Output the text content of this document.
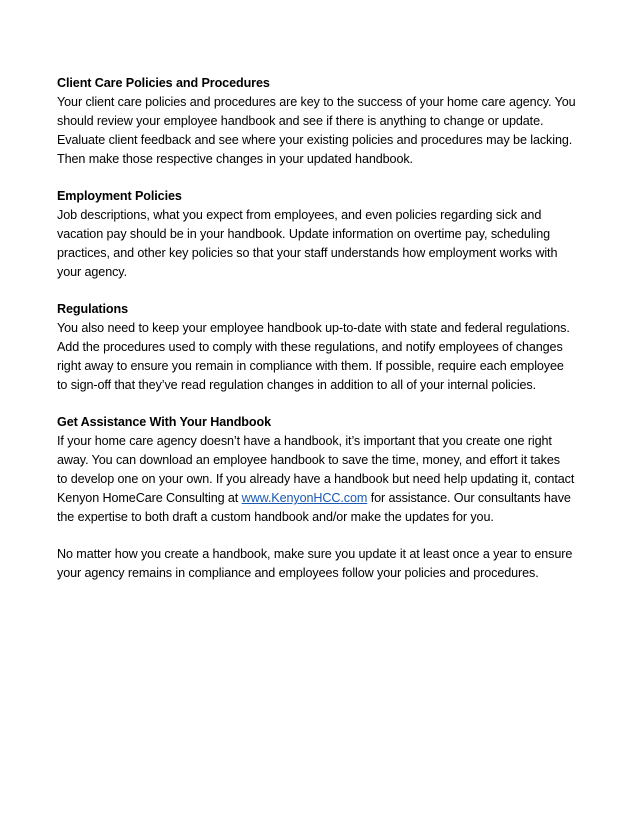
Client Care Policies and Procedures

Your client care policies and procedures are key to the success of your home care agency. You
should review your employee handbook and see if there is anything to change or update.
Evaluate client feedback and see where your existing policies and procedures may be lacking.
Then make those respective changes in your updated handbook.

Employment Policies

Job descriptions, what you expect from employees, and even policies regarding sick and
vacation pay should be in your handbook. Update information on overtime pay, scheduling
practices, and other key policies so that your staff understands how employment works with
your agency.

Regulations

You also need to keep your employee handbook up-to-date with state and federal regulations.
Add the procedures used to comply with these regulations, and notify employees of changes
right away to ensure you remain in compliance with them. If possible, require each employee
to sign-off that they’ve read regulation changes in addition to all of your internal policies.

Get Assistance With Your Handbook

If your home care agency doesn’t have a handbook, it’s important that you create one right
away. You can download an employee handbook to save the time, money, and effort it takes
to develop one on your own. If you already have a handbook but need help updating it, contact
Kenyon HomeCare Consulting at www.KenyonHCC.com for assistance. Our consultants have
the expertise to both draft a custom handbook and/or make the updates for you.

No matter how you create a handbook, make sure you update it at least once a year to ensure
your agency remains in compliance and employees follow your policies and procedures.
